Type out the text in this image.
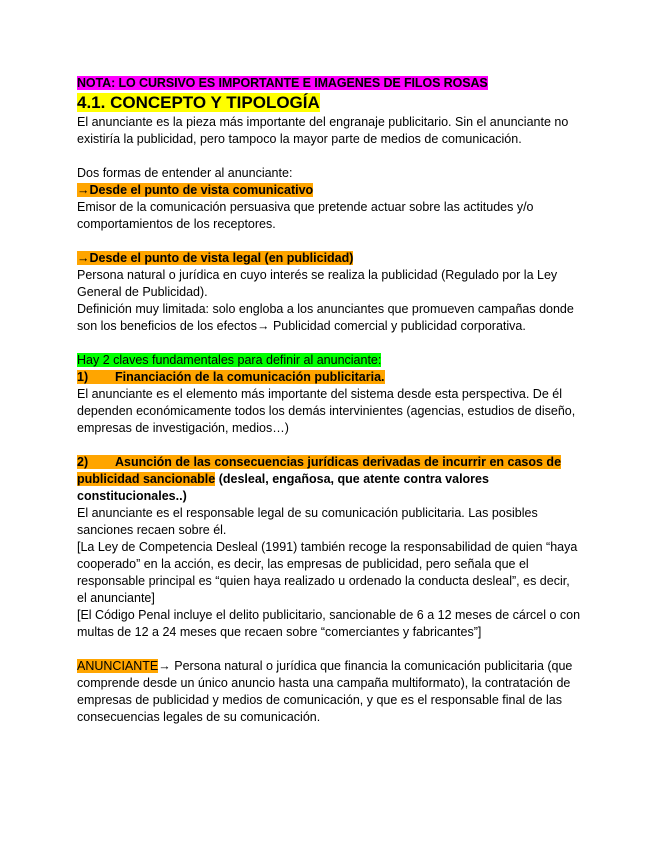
NOTA: LO CURSIVO ES IMPORTANTE E IMAGENES DE FILOS ROSAS

4.1. CONCEPTO Y TIPOLOGÍA

El anunciante es la pieza más importante del engranaje publicitario. Sin el anunciante no existiría la publicidad, pero tampoco la mayor parte de medios de comunicación.

Dos formas de entender al anunciante:

→Desde el punto de vista comunicativo

Emisor de la comunicación persuasiva que pretende actuar sobre las actitudes y/o comportamientos de los receptores.

→Desde el punto de vista legal (en publicidad)

Persona natural o jurídica en cuyo interés se realiza la publicidad (Regulado por la Ley General de Publicidad).

Definición muy limitada: solo engloba a los anunciantes que promueven campañas donde son los beneficios de los efectos→ Publicidad comercial y publicidad corporativa.

Hay 2 claves fundamentales para definir al anunciante:

1) Financiación de la comunicación publicitaria.

El anunciante es el elemento más importante del sistema desde esta perspectiva. De él dependen económicamente todos los demás intervinientes (agencias, estudios de diseño, empresas de investigación, medios…)

2) Asunción de las consecuencias jurídicas derivadas de incurrir en casos de publicidad sancionable (desleal, engañosa, que atente contra valores constitucionales..)

El anunciante es el responsable legal de su comunicación publicitaria. Las posibles sanciones recaen sobre él.

[La Ley de Competencia Desleal (1991) también recoge la responsabilidad de quien “haya cooperado” en la acción, es decir, las empresas de publicidad, pero señala que el responsable principal es “quien haya realizado u ordenado la conducta desleal”, es decir, el anunciante]

[El Código Penal incluye el delito publicitario, sancionable de 6 a 12 meses de cárcel o con multas de 12 a 24 meses que recaen sobre “comerciantes y fabricantes”]

ANUNCIANTE→ Persona natural o jurídica que financia la comunicación publicitaria (que comprende desde un único anuncio hasta una campaña multiformato), la contratación de empresas de publicidad y medios de comunicación, y que es el responsable final de las consecuencias legales de su comunicación.
